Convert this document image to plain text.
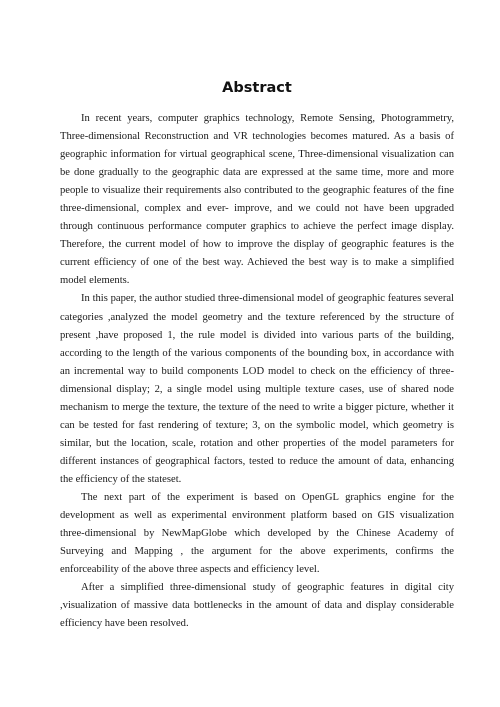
Abstract

In recent years, computer graphics technology, Remote Sensing, Photogrammetry, Three-dimensional Reconstruction and VR technologies becomes matured. As a basis of geographic information for virtual geographical scene, Three-dimensional visualization can be done gradually to the geographic data are expressed at the same time, more and more people to visualize their requirements also contributed to the geographic features of the fine three-dimensional, complex and ever- improve, and we could not have been upgraded through continuous performance computer graphics to achieve the perfect image display. Therefore, the current model of how to improve the display of geographic features is the current efficiency of one of the best way. Achieved the best way is to make a simplified model elements.

In this paper, the author studied three-dimensional model of geographic features several categories ,analyzed the model geometry and the texture referenced by the structure of present ,have proposed 1, the rule model is divided into various parts of the building, according to the length of the various components of the bounding box, in accordance with an incremental way to build components LOD model to check on the efficiency of three-dimensional display; 2, a single model using multiple texture cases, use of shared node mechanism to merge the texture, the texture of the need to write a bigger picture, whether it can be tested for fast rendering of texture; 3, on the symbolic model, which geometry is similar, but the location, scale, rotation and other properties of the model parameters for different instances of geographical factors, tested to reduce the amount of data, enhancing the efficiency of the stateset.

The next part of the experiment is based on OpenGL graphics engine for the development as well as experimental environment platform based on GIS visualization three-dimensional by NewMapGlobe which developed by the Chinese Academy of Surveying and Mapping , the argument for the above experiments, confirms the enforceability of the above three aspects and efficiency level.

After a simplified three-dimensional study of geographic features in digital city ,visualization of massive data bottlenecks in the amount of data and display considerable efficiency have been resolved.
